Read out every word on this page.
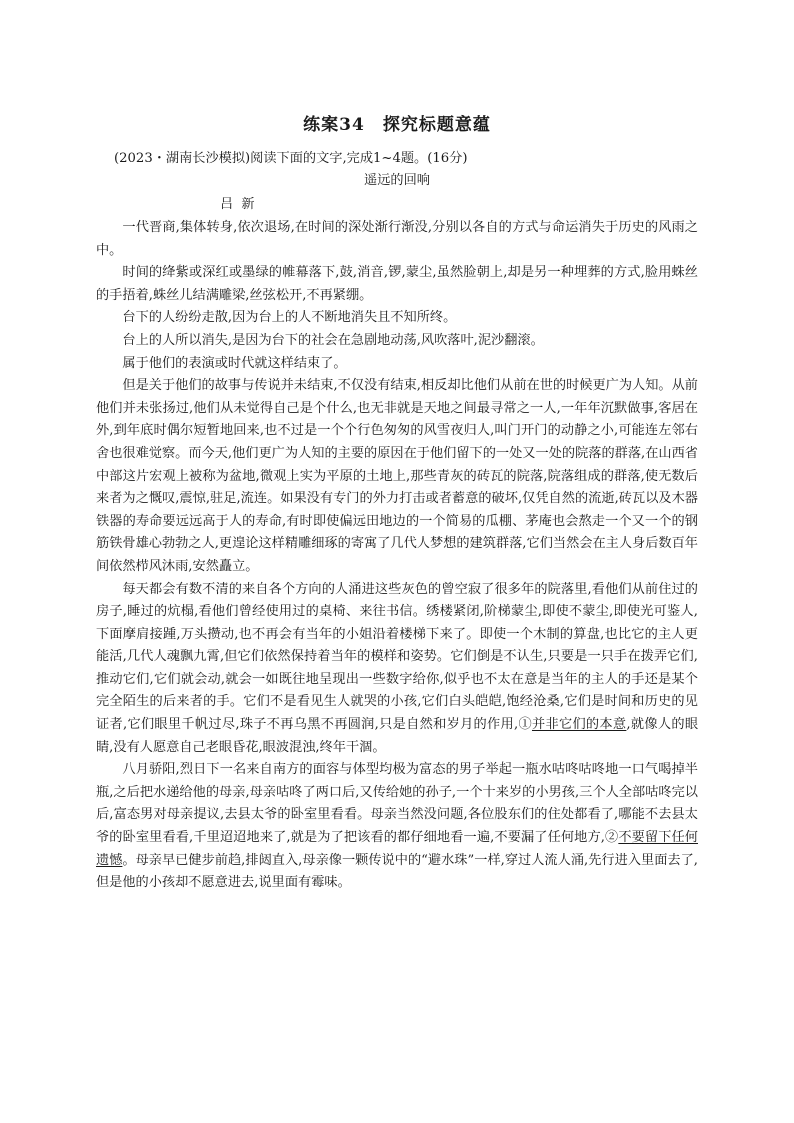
练案34 探究标题意蕴
(2023・湖南长沙模拟)阅读下面的文字,完成1~4题。(16分)
遥远的回响
吕 新

一代晋商,集体转身,依次退场,在时间的深处渐行渐没,分别以各自的方式与命运消失于历史的风雨之中。

时间的绛紫或深红或墨绿的帷幕落下,鼓,消音,锣,蒙尘,虽然脸朝上,却是另一种埋葬的方式,脸用蛛丝的手捂着,蛛丝儿结满雕梁,丝弦松开,不再紧绷。

台下的人纷纷走散,因为台上的人不断地消失且不知所终。

台上的人所以消失,是因为台下的社会在急剧地动荡,风吹落叶,泥沙翻滚。

属于他们的表演或时代就这样结束了。

但是关于他们的故事与传说并未结束,不仅没有结束,相反却比他们从前在世的时候更广为人知。从前他们并未张扬过,他们从未觉得自己是个什么,也无非就是天地之间最寻常之一人,一年年沉默做事,客居在外,到年底时偶尔短暂地回来,也不过是一个个行色匆匆的风雪夜归人,叫门开门的动静之小,可能连左邻右舍也很难觉察。而今天,他们更广为人知的主要的原因在于他们留下的一处又一处的院落的群落,在山西省中部这片宏观上被称为盆地,微观上实为平原的土地上,那些青灰的砖瓦的院落,院落组成的群落,使无数后来者为之慨叹,震惊,驻足,流连。如果没有专门的外力打击或者蓄意的破坏,仅凭自然的流逝,砖瓦以及木器铁器的寿命要远远高于人的寿命,有时即使偏远田地边的一个简易的瓜棚、茅庵也会熬走一个又一个的钢筋铁骨雄心勃勃之人,更遑论这样精雕细琢的寄寓了几代人梦想的建筑群落,它们当然会在主人身后数百年间依然栉风沐雨,安然矗立。

每天都会有数不清的来自各个方向的人涌进这些灰色的曾空寂了很多年的院落里,看他们从前住过的房子,睡过的炕榻,看他们曾经使用过的桌椅、来往书信。绣楼紧闭,阶梯蒙尘,即使不蒙尘,即使光可鉴人,下面摩肩接踵,万头攒动,也不再会有当年的小姐沿着楼梯下来了。即使一个木制的算盘,也比它的主人更能活,几代人魂飘九霄,但它们依然保持着当年的模样和姿势。它们倒是不认生,只要是一只手在拨弄它们,推动它们,它们就会动,就会一如既往地呈现出一些数字给你,似乎也不太在意是当年的主人的手还是某个完全陌生的后来者的手。它们不是看见生人就哭的小孩,它们白头皑皑,饱经沧桑,它们是时间和历史的见证者,它们眼里千帆过尽,珠子不再乌黑不再圆润,只是自然和岁月的作用,①并非它们的本意,就像人的眼睛,没有人愿意自己老眼昏花,眼波混浊,终年干涸。

八月骄阳,烈日下一名来自南方的面容与体型均极为富态的男子举起一瓶水咕咚咕咚地一口气喝掉半瓶,之后把水递给他的母亲,母亲咕咚了两口后,又传给她的孙子,一个十来岁的小男孩,三个人全部咕咚完以后,富态男对母亲提议,去县太爷的卧室里看看。母亲当然没问题,各位股东们的住处都看了,哪能不去县太爷的卧室里看看,千里迢迢地来了,就是为了把该看的都仔细地看一遍,不要漏了任何地方,②不要留下任何遗憾。母亲早已健步前趋,排闼直入,母亲像一颗传说中的“避水珠”一样,穿过人流人涌,先行进入里面去了,但是他的小孩却不愿意进去,说里面有霉味。
